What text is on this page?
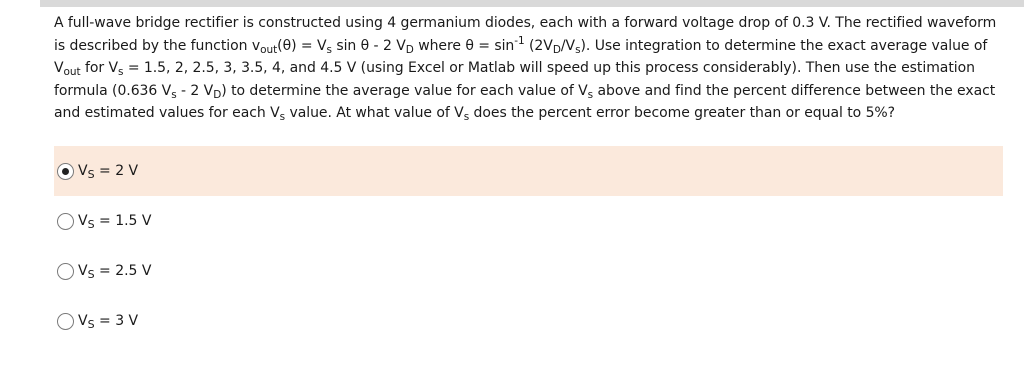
A full-wave bridge rectifier is constructed using 4 germanium diodes, each with a forward voltage drop of 0.3 V. The rectified waveform is described by the function $v_{out}(\theta) = V_s$ sin θ - 2 $V_D$ where $\theta = \sin^{-1} (2V_D/V_s)$. Use integration to determine the exact average value of $V_{out}$ for $V_s = 1.5$, 2, 2.5, 3, 3.5, 4, and 4.5 V (using Excel or Matlab will speed up this process considerably). Then use the estimation formula (0.636 $V_s - 2$ $V_D$) to determine the average value for each value of $V_s$ above and find the percent difference between the exact and estimated values for each $V_s$ value. At what value of $V_s$ does the percent error become greater than or equal to 5%?
$V_S = 2$ V
$V_S = 1.5$ V
$V_S = 2.5$ V
$V_S = 3$ V
